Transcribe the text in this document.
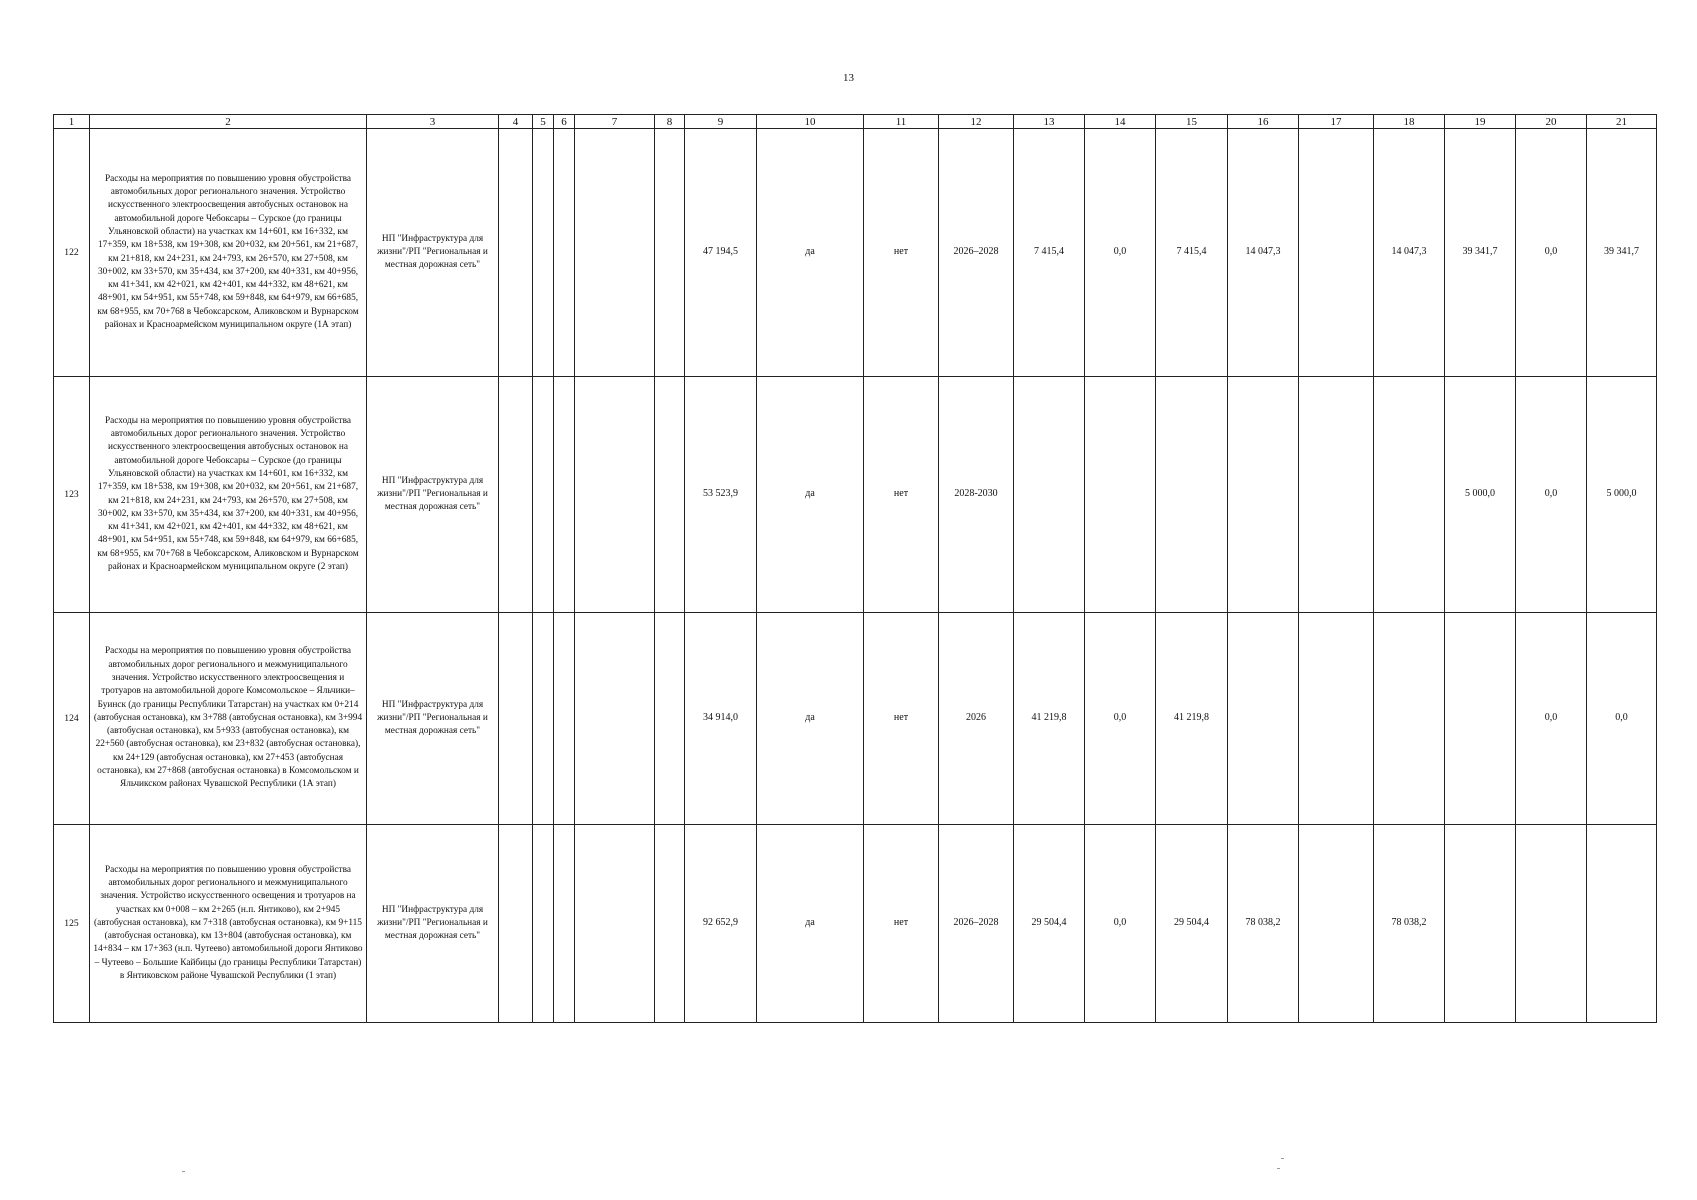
13
1	2	3	4	5	6	7	8	9	10	11	12	13	14	15	16	17	18	19	20	21
122	Расходы на мероприятия по повышению уровня обустройства автомобильных дорог регионального значения. Устройство искусственного электроосвещения автобусных остановок на автомобильной дороге Чебоксары – Сурское (до границы Ульяновской области) на участках км 14+601, км 16+332, км 17+359, км 18+538, км 19+308, км 20+032, км 20+561, км 21+687, км 21+818, км 24+231, км 24+793, км 26+570, км 27+508, км 30+002, км 33+570, км 35+434, км 37+200, км 40+331, км 40+956, км 41+341, км 42+021, км 42+401, км 44+332, км 48+621, км 48+901, км 54+951, км 55+748, км 59+848, км 64+979, км 66+685, км 68+955, км 70+768 в Чебоксарском, Аликовском и Вурнарском районах и Красноармейском муниципальном округе (1А этап)	НП "Инфраструктура для жизни"/РП "Региональная и местная дорожная сеть"						47 194,5	да	нет	2026–2028	7 415,4	0,0	7 415,4	14 047,3		14 047,3	39 341,7	0,0	39 341,7
123	Расходы на мероприятия по повышению уровня обустройства автомобильных дорог регионального значения. Устройство искусственного электроосвещения автобусных остановок на автомобильной дороге Чебоксары – Сурское (до границы Ульяновской области) на участках км 14+601, км 16+332, км 17+359, км 18+538, км 19+308, км 20+032, км 20+561, км 21+687, км 21+818, км 24+231, км 24+793, км 26+570, км 27+508, км 30+002, км 33+570, км 35+434, км 37+200, км 40+331, км 40+956, км 41+341, км 42+021, км 42+401, км 44+332, км 48+621, км 48+901, км 54+951, км 55+748, км 59+848, км 64+979, км 66+685, км 68+955, км 70+768 в Чебоксарском, Аликовском и Вурнарском районах и Красноармейском муниципальном округе (2 этап)	НП "Инфраструктура для жизни"/РП "Региональная и местная дорожная сеть"						53 523,9	да	нет	2028-2030							5 000,0	0,0	5 000,0
124	Расходы на мероприятия по повышению уровня обустройства автомобильных дорог регионального и межмуниципального значения. Устройство искусственного электроосвещения и тротуаров на автомобильной дороге Комсомольское – Яльчики– Буинск (до границы Республики Татарстан) на участках км 0+214 (автобусная остановка), км 3+788 (автобусная остановка), км 3+994 (автобусная остановка), км 5+933 (автобусная остановка), км 22+560 (автобусная остановка), км 23+832 (автобусная остановка), км 24+129 (автобусная остановка), км 27+453 (автобусная остановка), км 27+868 (автобусная остановка) в Комсомольском и Яльчикском районах Чувашской Республики (1А этап)	НП "Инфраструктура для жизни"/РП "Региональная и местная дорожная сеть"						34 914,0	да	нет	2026	41 219,8	0,0	41 219,8					0,0	0,0
125	Расходы на мероприятия по повышению уровня обустройства автомобильных дорог регионального и межмуниципального значения. Устройство искусственного освещения и тротуаров на участках км 0+008 – км 2+265 (н.п. Янтиково), км 2+945 (автобусная остановка), км 7+318 (автобусная остановка), км 9+115 (автобусная остановка), км 13+804 (автобусная остановка), км 14+834 – км 17+363 (н.п. Чутеево) автомобильной дороги Янтиково – Чутеево – Большие Кайбицы (до границы Республики Татарстан) в Янтиковском районе Чувашской Республики (1 этап)	НП "Инфраструктура для жизни"/РП "Региональная и местная дорожная сеть"						92 652,9	да	нет	2026–2028	29 504,4	0,0	29 504,4	78 038,2		78 038,2			
